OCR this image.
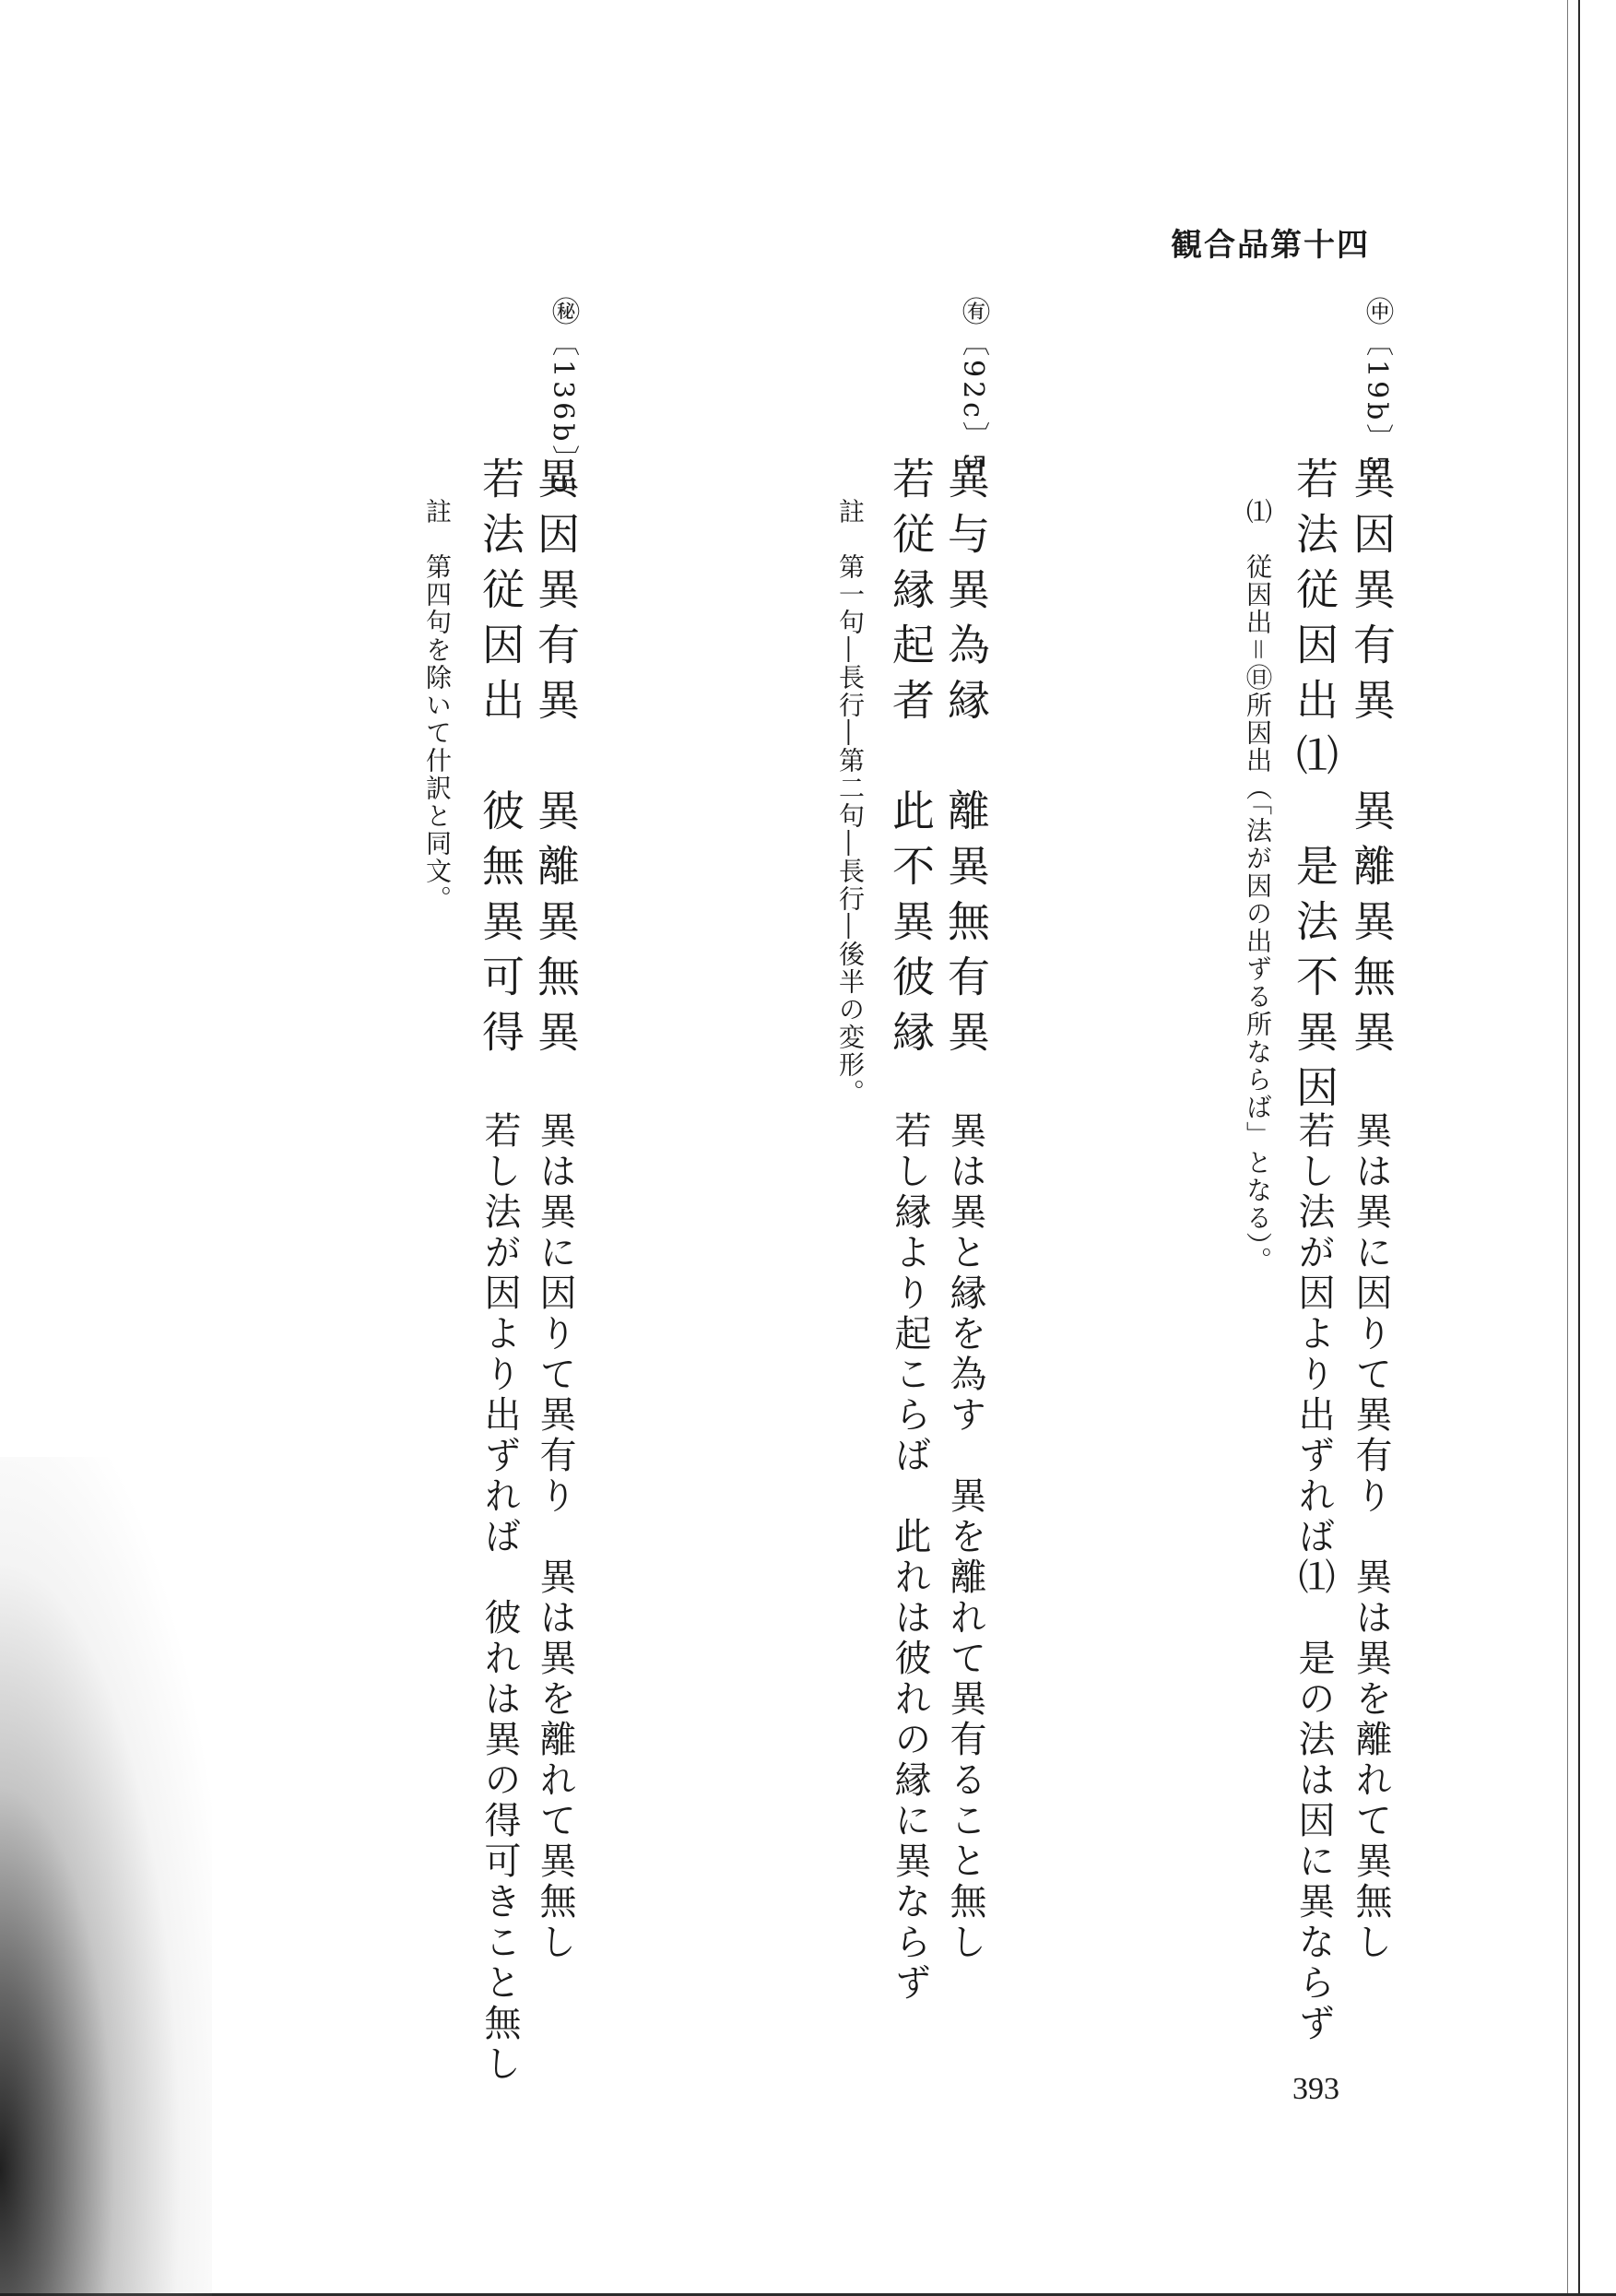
観合品第十四
㊥〔19b〕5
異因異有異　異離異無異
若法従因出⑴　是法不異因
⑴　従因出＝㊐所因出（「法が因の出ずる所ならば」となる）。
異は異に因りて異有り　異は異を離れて異無し
若し法が因より出ずれば⑴　是の法は因に異ならず
㊒〔92c〕5
異与異為縁　離異無有異
若従縁起者　此不異彼縁
註　第一句―長行―第二句―長行―後半の変形。
異は異と縁を為す　異を離れて異有ること無し
若し縁より起こらば　此れは彼れの縁に異ならず
㊙〔136b〕5
異因異有異　異離異無異
若法従因出　彼無異可得
註　第四句を除いて什訳と同文。
異は異に因りて異有り　異は異を離れて異無し
若し法が因より出ずれば　彼れは異の得可きこと無し
393
